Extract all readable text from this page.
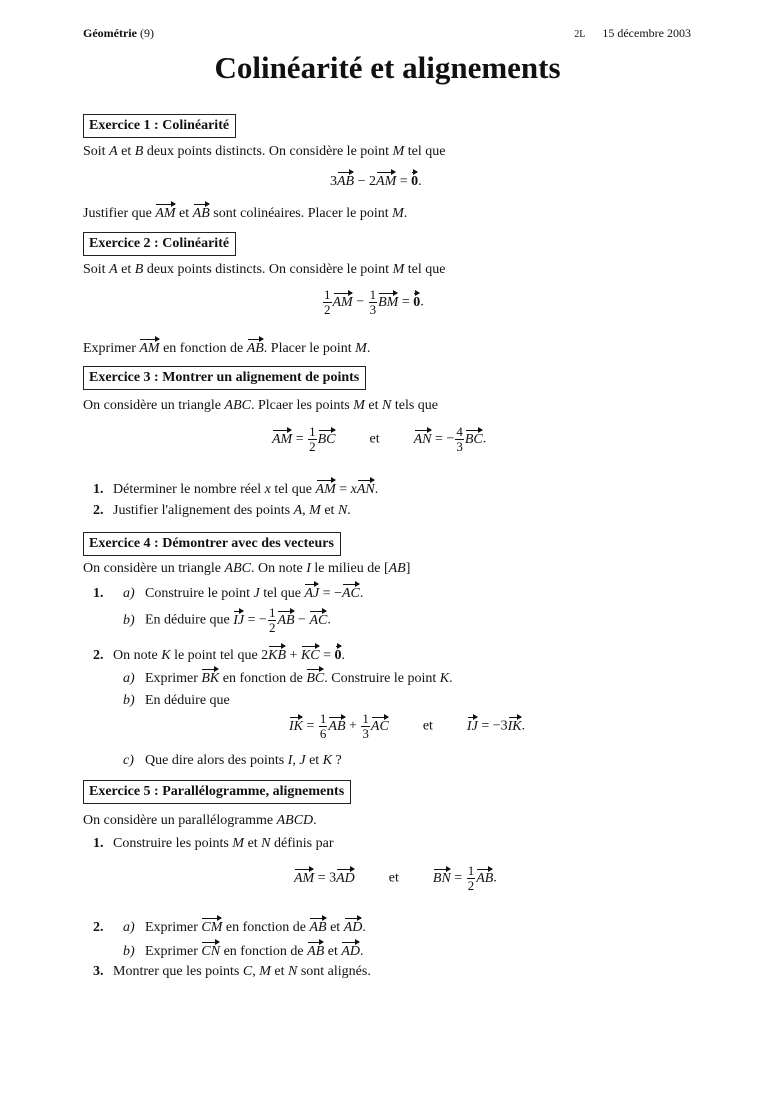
Géométrie (9)	2L 15 décembre 2003
Colinéarité et alignements
Exercice 1 : Colinéarité
Soit A et B deux points distincts. On considère le point M tel que
3AB − 2AM = 0.
Justifier que AM et AB sont colinéaires. Placer le point M.
Exercice 2 : Colinéarité
Soit A et B deux points distincts. On considère le point M tel que
$\frac{1}{2}$ AM − $\frac{1}{3}$ BM = 0.
Exprimer AM en fonction de AB. Placer le point M.
Exercice 3 : Montrer un alignement de points
On considère un triangle ABC. Plcaer les points M et N tels que
AM = $\frac{1}{2}$ BC et AN = − $\frac{4}{3}$ BC.
1. Déterminer le nombre réel x tel que AM = xAN.
2. Justifier l'alignement des points A, M et N.
Exercice 4 : Démontrer avec des vecteurs
On considère un triangle ABC. On note I le milieu de [AB]
1. a) Construire le point J tel que AJ = −AC.
b) En déduire que IJ = − $\frac{1}{2}$ AB − AC.
2. On note K le point tel que 2KB + KC = 0.
a) Exprimer BK en fonction de BC. Construire le point K.
b) En déduire que
IK = $\frac{1}{6}$ AB + $\frac{1}{3}$ AC et IJ = −3IK.
c) Que dire alors des points I, J et K ?
Exercice 5 : Parallélogramme, alignements
On considère un parallélogramme ABCD.
1. Construire les points M et N définis par
AM = 3AD et BN = $\frac{1}{2}$ AB.
2. a) Exprimer CM en fonction de AB et AD.
b) Exprimer CN en fonction de AB et AD.
3. Montrer que les points C, M et N sont alignés.
